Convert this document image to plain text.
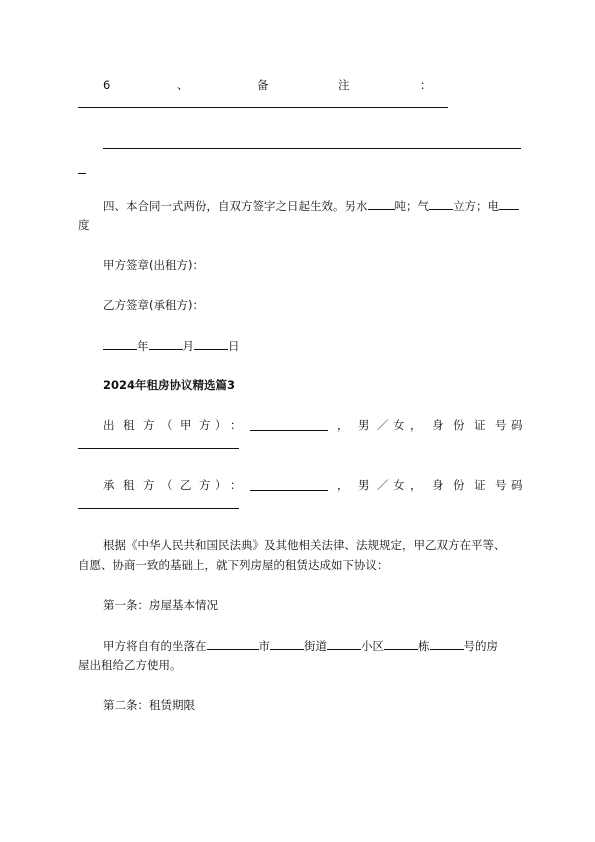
6	、	备	注	：
四、本合同一式两份，自双方签字之日起生效。另水 吨；气 立方；电
度
甲方签章(出租方)：
乙方签章(承租方)：
年	月	日
2024年租房协议精选篇3
出 租 方 （ 甲 方 ） ：	， 男 ／ 女 ， 身 份 证 号 码
承 租 方 （ 乙 方 ） ：	， 男 ／ 女 ， 身 份 证 号 码
根据《中华人民共和国民法典》及其他相关法律、法规规定，甲乙双方在平等、
自愿、协商一致的基础上，就下列房屋的租赁达成如下协议：
第一条：房屋基本情况
甲方将自有的坐落在	市	街道	小区	栋	号的房
屋出租给乙方使用。
第二条：租赁期限
